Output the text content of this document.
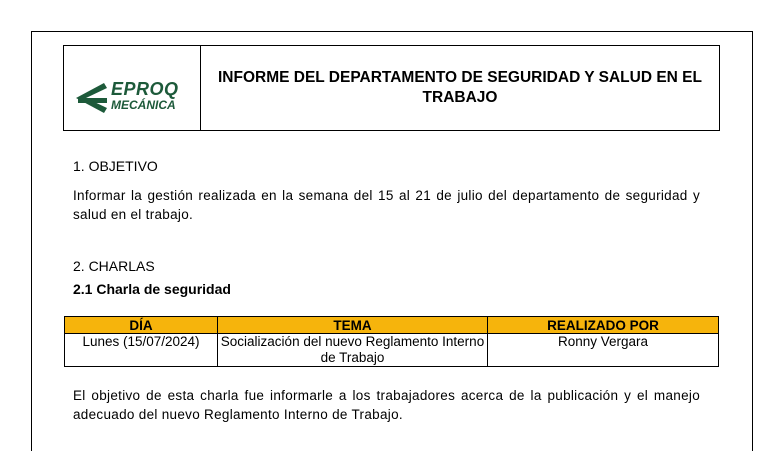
EPROQ
MECÁNICA
INFORME DEL DEPARTAMENTO DE SEGURIDAD Y SALUD EN EL TRABAJO
1. OBJETIVO
Informar la gestión realizada en la semana del 15 al 21 de julio del departamento de seguridad y salud en el trabajo.
2. CHARLAS
2.1 Charla de seguridad
DÍA	TEMA	REALIZADO POR
Lunes (15/07/2024)	Socialización del nuevo Reglamento Interno de Trabajo	Ronny Vergara
El objetivo de esta charla fue informarle a los trabajadores acerca de la publicación y el manejo adecuado del nuevo Reglamento Interno de Trabajo.
